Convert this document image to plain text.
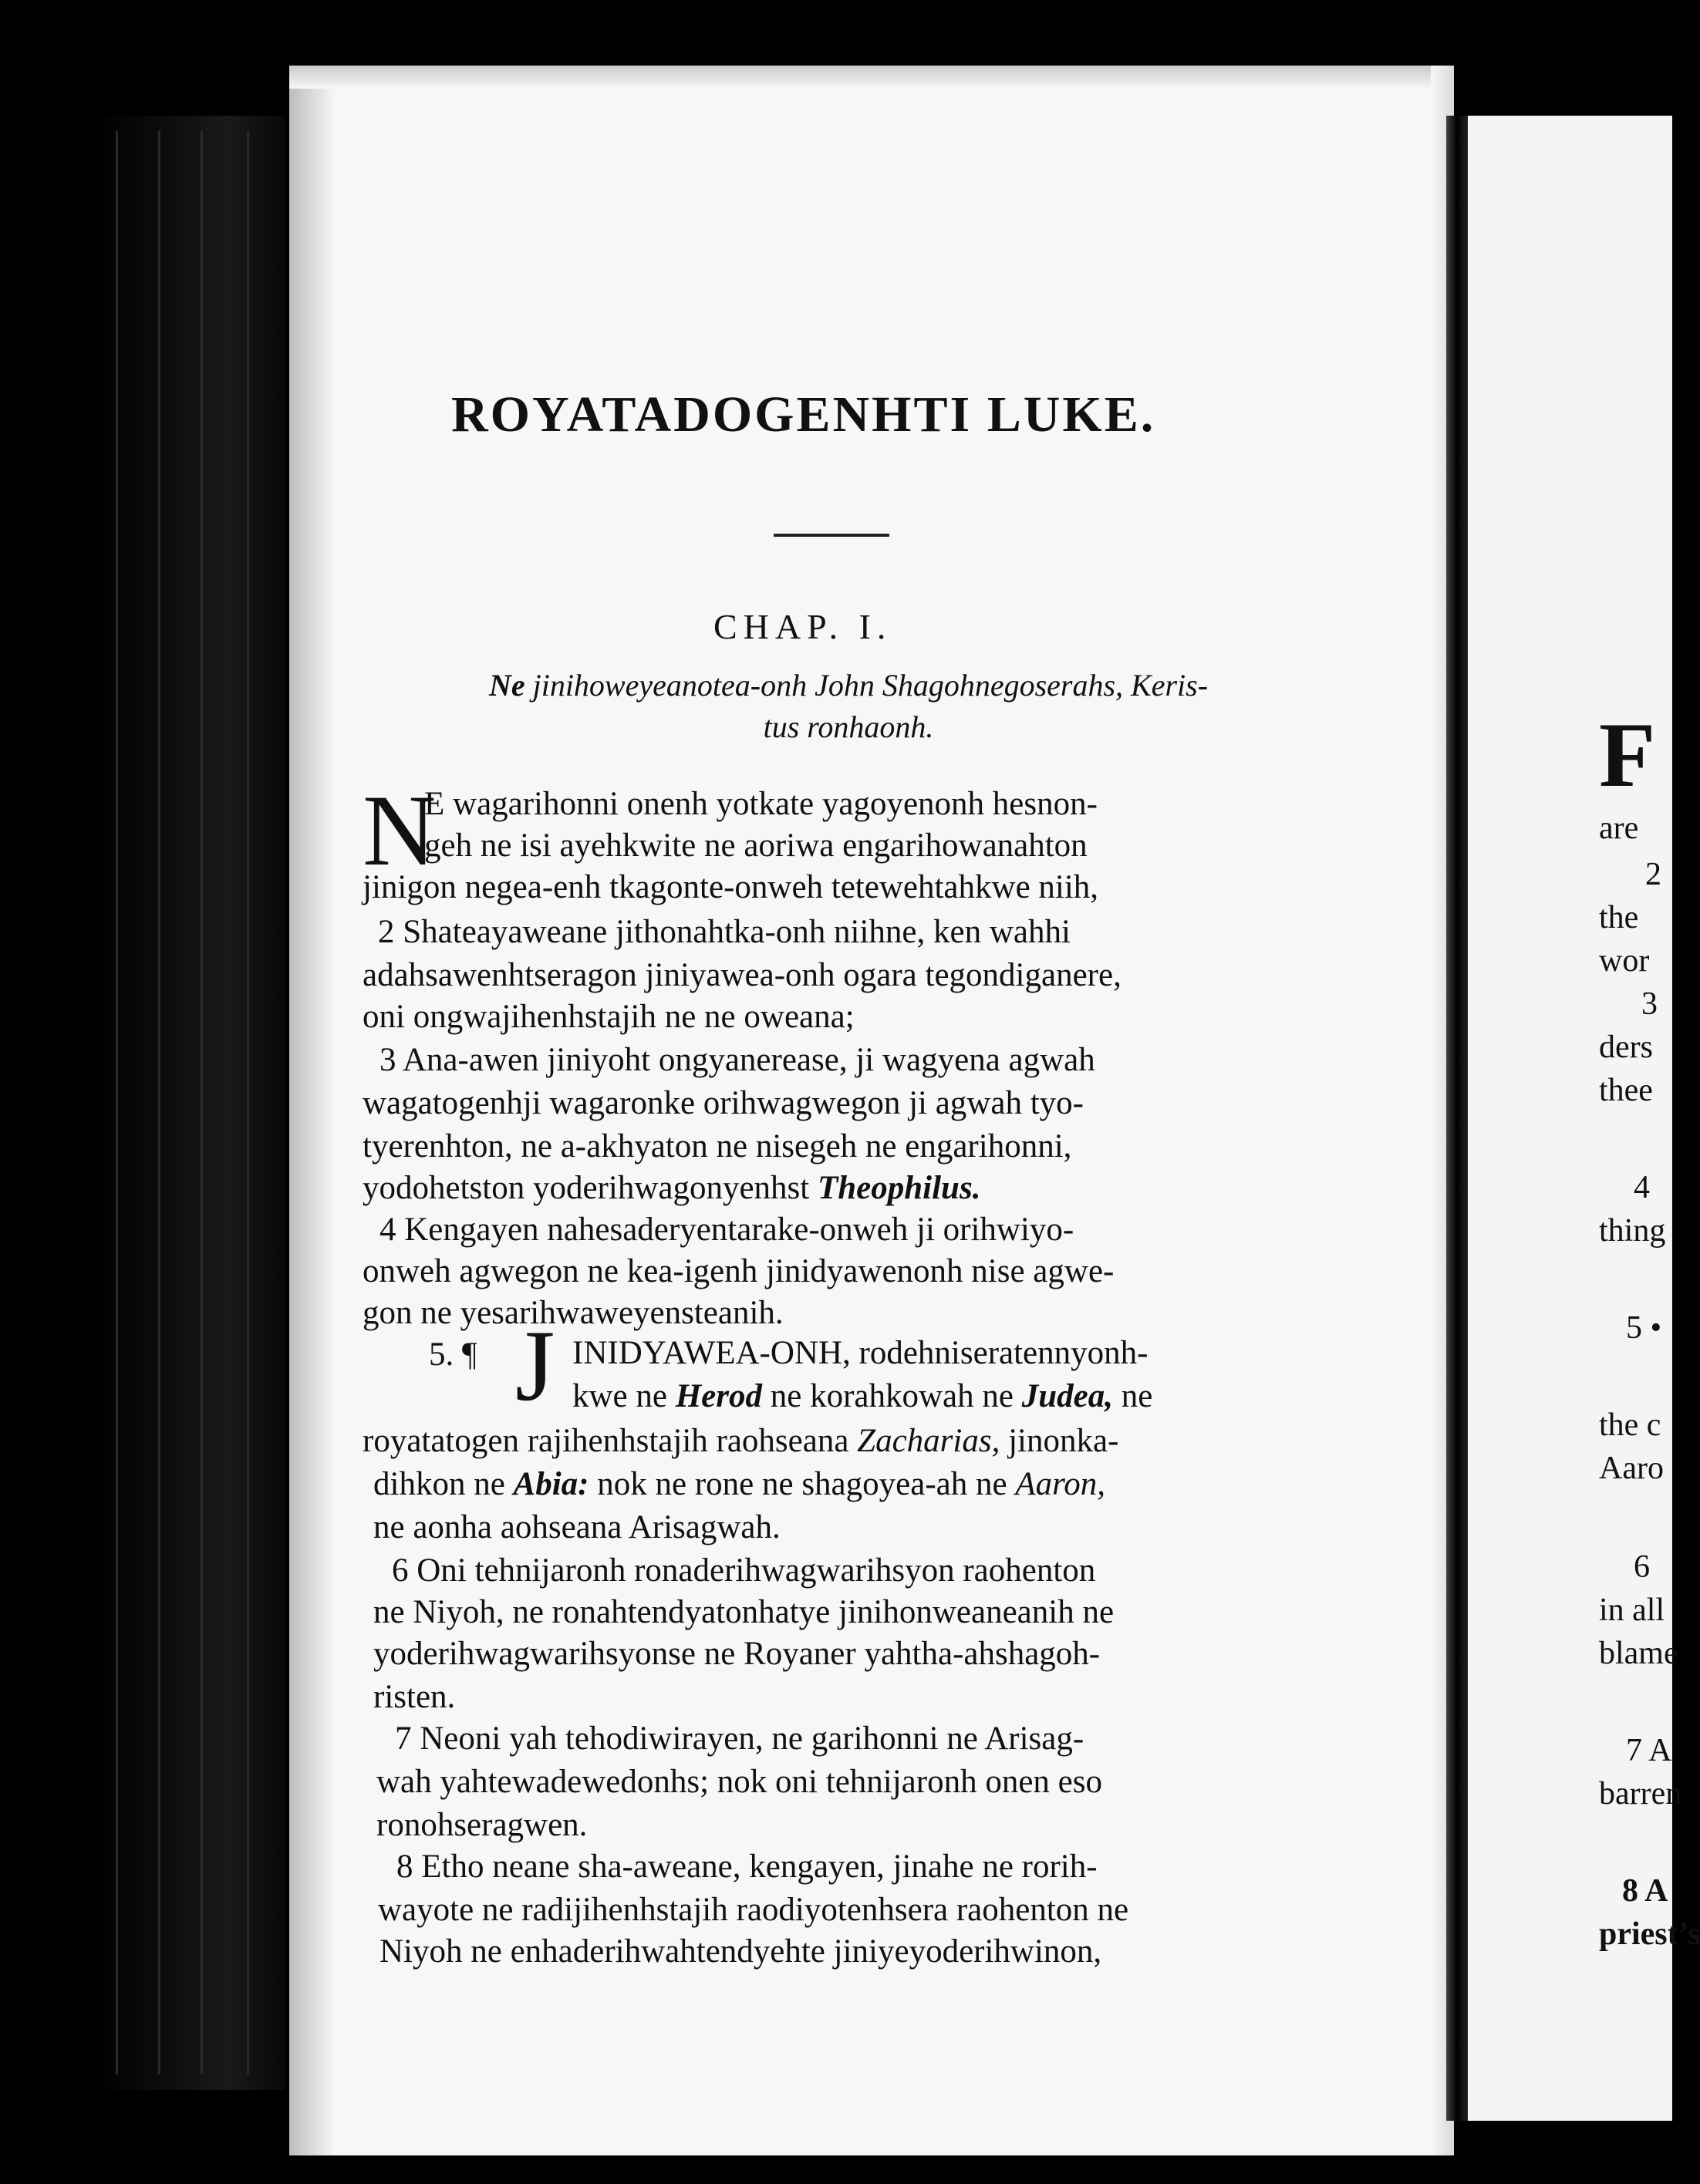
ROYATADOGENHTI LUKE.
CHAP. I.
Ne jinihoweyeanotea-onh John Shagohnegoserahs, Keris-
tus ronhaonh.
N
E wagarihonni onenh yotkate yagoyenonh hesnon-
geh ne isi ayehkwite ne aoriwa engarihowanahton
jinigon negea-enh tkagonte-onweh tetewehtahkwe niih,
2 Shateayaweane jithonahtka-onh niihne, ken wahhi
adahsawenhtseragon jiniyawea-onh ogara tegondiganere,
oni ongwajihenhstajih ne ne oweana;
3 Ana-awen jiniyoht ongyanerease, ji wagyena agwah
wagatogenhji wagaronke orihwagwegon ji agwah tyo-
tyerenhton, ne a-akhyaton ne nisegeh ne engarihonni,
yodohetston yoderihwagonyenhst Theophilus.
4 Kengayen nahesaderyentarake-onweh ji orihwiyo-
onweh agwegon ne kea-igenh jinidyawenonh nise agwe-
gon ne yesarihwaweyensteanih.
5. ¶ J INIDYAWEA-ONH, rodehniseratennyonh-
kwe ne Herod ne korahkowah ne Judea, ne
royatatogen rajihenhstajih raohseana Zacharias, jinonka-
dihkon ne Abia: nok ne rone ne shagoyea-ah ne Aaron,
ne aonha aohseana Arisagwah.
6 Oni tehnijaronh ronaderihwagwarihsyon raohenton
ne Niyoh, ne ronahtendyatonhatye jinihonweaneanih ne
yoderihwagwarihsyonse ne Royaner yahtha-ahshagoh-
risten.
7 Neoni yah tehodiwirayen, ne garihonni ne Arisag-
wah yahtewadewedonhs; nok oni tehnijaronh onen eso
ronohseragwen.
8 Etho neane sha-aweane, kengayen, jinahe ne rorih-
wayote ne radijihenhstajih raodiyotenhsera raohenton ne
Niyoh ne enhaderihwahtendyehte jiniyeyoderihwinon,
F
are
2
the
wor
3
ders
thee
4
thing
5 •
the c
Aaro
6
in all
blame
7 A
barren
8 A
priest’s
